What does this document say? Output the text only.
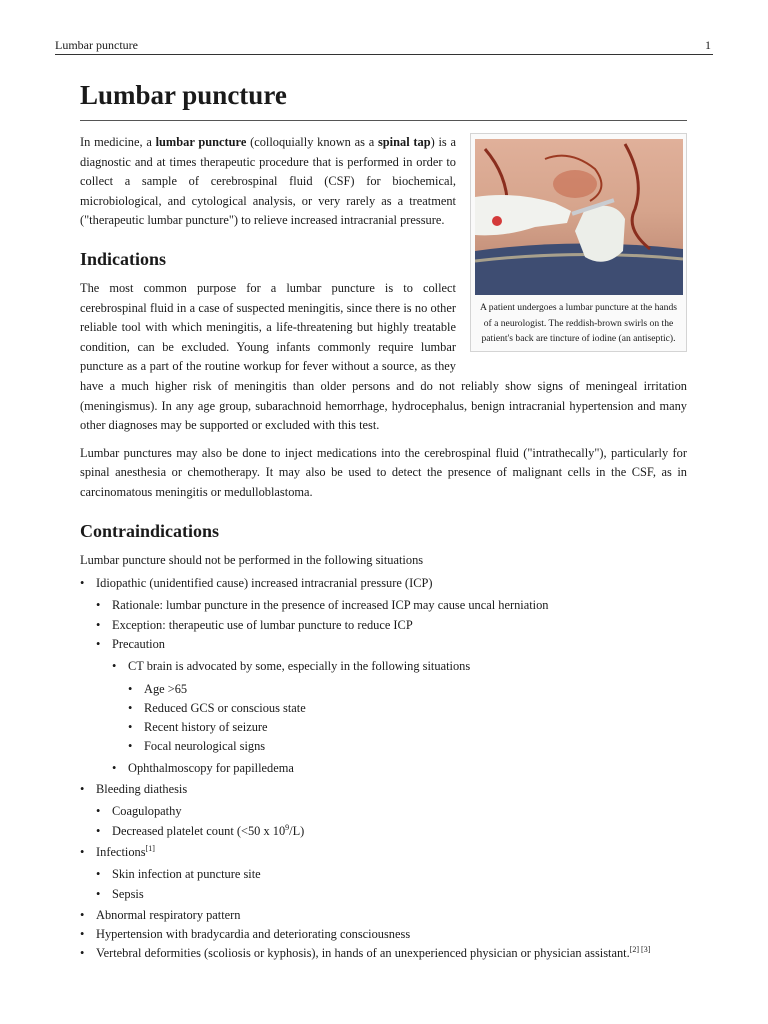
Lumbar puncture	1
Lumbar puncture
A patient undergoes a lumbar puncture at the hands of a neurologist. The reddish-brown swirls on the patient's back are tincture of iodine (an antiseptic).

In medicine, a lumbar puncture (colloquially known as a spinal tap) is a diagnostic and at times therapeutic procedure that is performed in order to collect a sample of cerebrospinal fluid (CSF) for biochemical, microbiological, and cytological analysis, or very rarely as a treatment ("therapeutic lumbar puncture") to relieve increased intracranial pressure.

Indications

The most common purpose for a lumbar puncture is to collect cerebrospinal fluid in a case of suspected meningitis, since there is no other reliable tool with which meningitis, a life-threatening but highly treatable condition, can be excluded. Young infants commonly require lumbar puncture as a part of the routine workup for fever without a source, as they have a much higher risk of meningitis than older persons and do not reliably show signs of meningeal irritation (meningismus). In any age group, subarachnoid hemorrhage, hydrocephalus, benign intracranial hypertension and many other diagnoses may be supported or excluded with this test.

Lumbar punctures may also be done to inject medications into the cerebrospinal fluid ("intrathecally"), particularly for spinal anesthesia or chemotherapy. It may also be used to detect the presence of malignant cells in the CSF, as in carcinomatous meningitis or medulloblastoma.

Contraindications

Lumbar puncture should not be performed in the following situations

• Idiopathic (unidentified cause) increased intracranial pressure (ICP)
• Rationale: lumbar puncture in the presence of increased ICP may cause uncal herniation
• Exception: therapeutic use of lumbar puncture to reduce ICP
• Precaution
• CT brain is advocated by some, especially in the following situations
• Age >65
• Reduced GCS or conscious state
• Recent history of seizure
• Focal neurological signs
• Ophthalmoscopy for papilledema
• Bleeding diathesis
• Coagulopathy
• Decreased platelet count (<50 x $10^9/L$)
• Infections[1]
• Skin infection at puncture site
• Sepsis
• Abnormal respiratory pattern
• Hypertension with bradycardia and deteriorating consciousness
• Vertebral deformities (scoliosis or kyphosis), in hands of an unexperienced physician or physician assistant.[2] [3]
